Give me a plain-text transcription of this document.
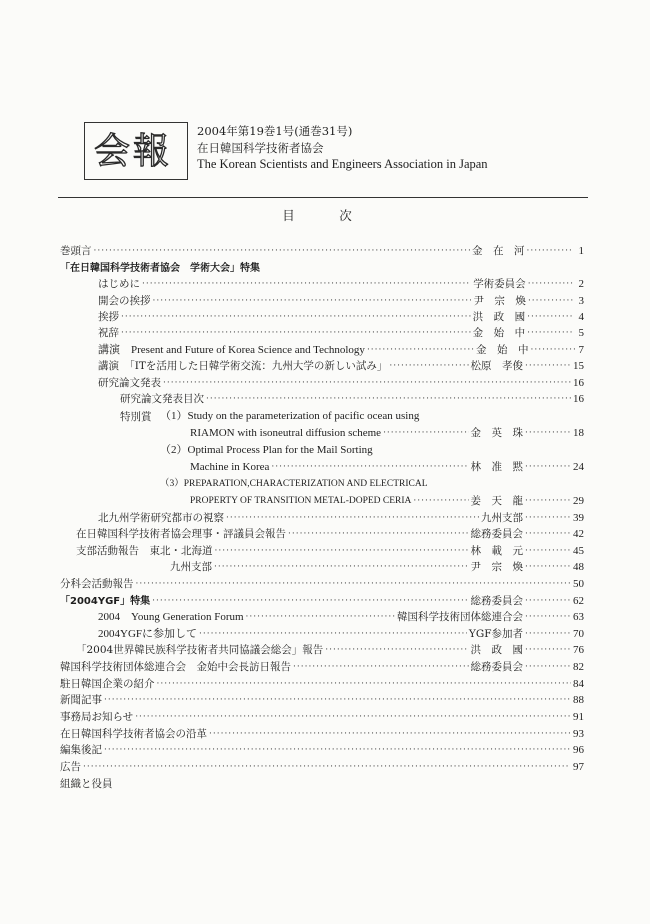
会報 2004年第19巻1号(通巻31号)
在日韓国科学技術者協会
The Korean Scientists and Engineers Association in Japan
目　次
巻頭言 ·····	金　在　河 ·····	1
「在日韓国科学技術者協会　学術大会」特集
はじめに ·····	学術委員会 ·····	2
開会の挨拶 ·····	尹　宗　煥 ·····	3
挨拶 ·····	洪　政　國 ·····	4
祝辞 ·····	金　始　中 ·····	5
講演　Present and Future of Korea Science and Technology ·····	金　始　中 ·····	7
講演　「ITを活用した日韓学術交流：九州大学の新しい試み」 ·····	松原　孝俊 ·····	15
研究論文発表 ·····	16
研究論文発表目次 ·····	16
（1）Study on the parameterization of pacific ocean using
RIAMON with isoneutral diffusion scheme ·····	金　英　珠 ·····	18
（2）Optimal Process Plan for the Mail Sorting
Machine in Korea ·····	林　准　黙 ·····	24
（3）PREPARATION,CHARACTERIZATION AND ELECTRICAL
PROPERTY OF TRANSITION METAL-DOPED CERIA ·····	姜　天　龍 ·····	29
北九州学術研究都市の視察 ·····	九州支部 ·····	39
在日韓国科学技術者協会理事・評議員会報告 ·····	総務委員会 ·····	42
支部活動報告　東北・北海道 ·····	林　載　元 ·····	45
九州支部 ·····	尹　宗　煥 ·····	48
分科会活動報告 ·····	50
「2004YGF」特集 ·····	総務委員会 ·····	62
2004　Young Generation Forum ·····	韓国科学技術団体総連合会 ·····	63
2004YGFに参加して ·····	YGF参加者 ·····	70
「2004世界韓民族科学技術者共同協議会総会」報告 ·····	洪　政　國 ·····	76
韓国科学技術団体総連合会　金始中会長訪日報告 ·····	総務委員会 ·····	82
駐日韓国企業の紹介 ·····	84
新聞記事 ·····	88
事務局お知らせ ·····	91
在日韓国科学技術者協会の沿革 ·····	93
編集後記 ·····	96
広告 ·····	97
組織と役員
特別賞
